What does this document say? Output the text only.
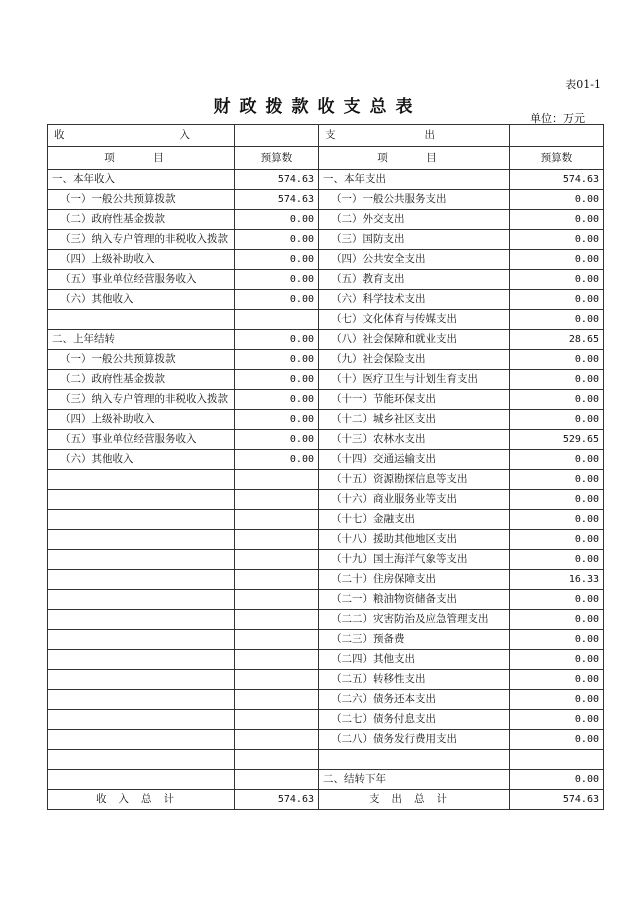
表01-1
财政拨款收支总表
单位：万元
收 入		支 出	

项　目	预算数	项　目	预算数
一、本年收入	574.63	一、本年支出	574.63
（一）一般公共预算拨款	574.63	（一）一般公共服务支出	0.00
（二）政府性基金拨款	0.00	（二）外交支出	0.00
（三）纳入专户管理的非税收入拨款	0.00	（三）国防支出	0.00
（四）上级补助收入	0.00	（四）公共安全支出	0.00
（五）事业单位经营服务收入	0.00	（五）教育支出	0.00
（六）其他收入	0.00	（六）科学技术支出	0.00
		（七）文化体育与传媒支出	0.00
二、上年结转	0.00	（八）社会保障和就业支出	28.65
（一）一般公共预算拨款	0.00	（九）社会保险支出	0.00
（二）政府性基金拨款	0.00	（十）医疗卫生与计划生育支出	0.00
（三）纳入专户管理的非税收入拨款	0.00	（十一）节能环保支出	0.00
（四）上级补助收入	0.00	（十二）城乡社区支出	0.00
（五）事业单位经营服务收入	0.00	（十三）农林水支出	529.65
（六）其他收入	0.00	（十四）交通运输支出	0.00
		（十五）资源勘探信息等支出	0.00
		（十六）商业服务业等支出	0.00
		（十七）金融支出	0.00
		（十八）援助其他地区支出	0.00
		（十九）国土海洋气象等支出	0.00
		（二十）住房保障支出	16.33
		（二一）粮油物资储备支出	0.00
		（二二）灾害防治及应急管理支出	0.00
		（二三）预备费	0.00
		（二四）其他支出	0.00
		（二五）转移性支出	0.00
		（二六）债务还本支出	0.00
		（二七）债务付息支出	0.00
		（二八）债务发行费用支出	0.00

		二、结转下年	0.00
收入总计	574.63	支出总计	574.63
